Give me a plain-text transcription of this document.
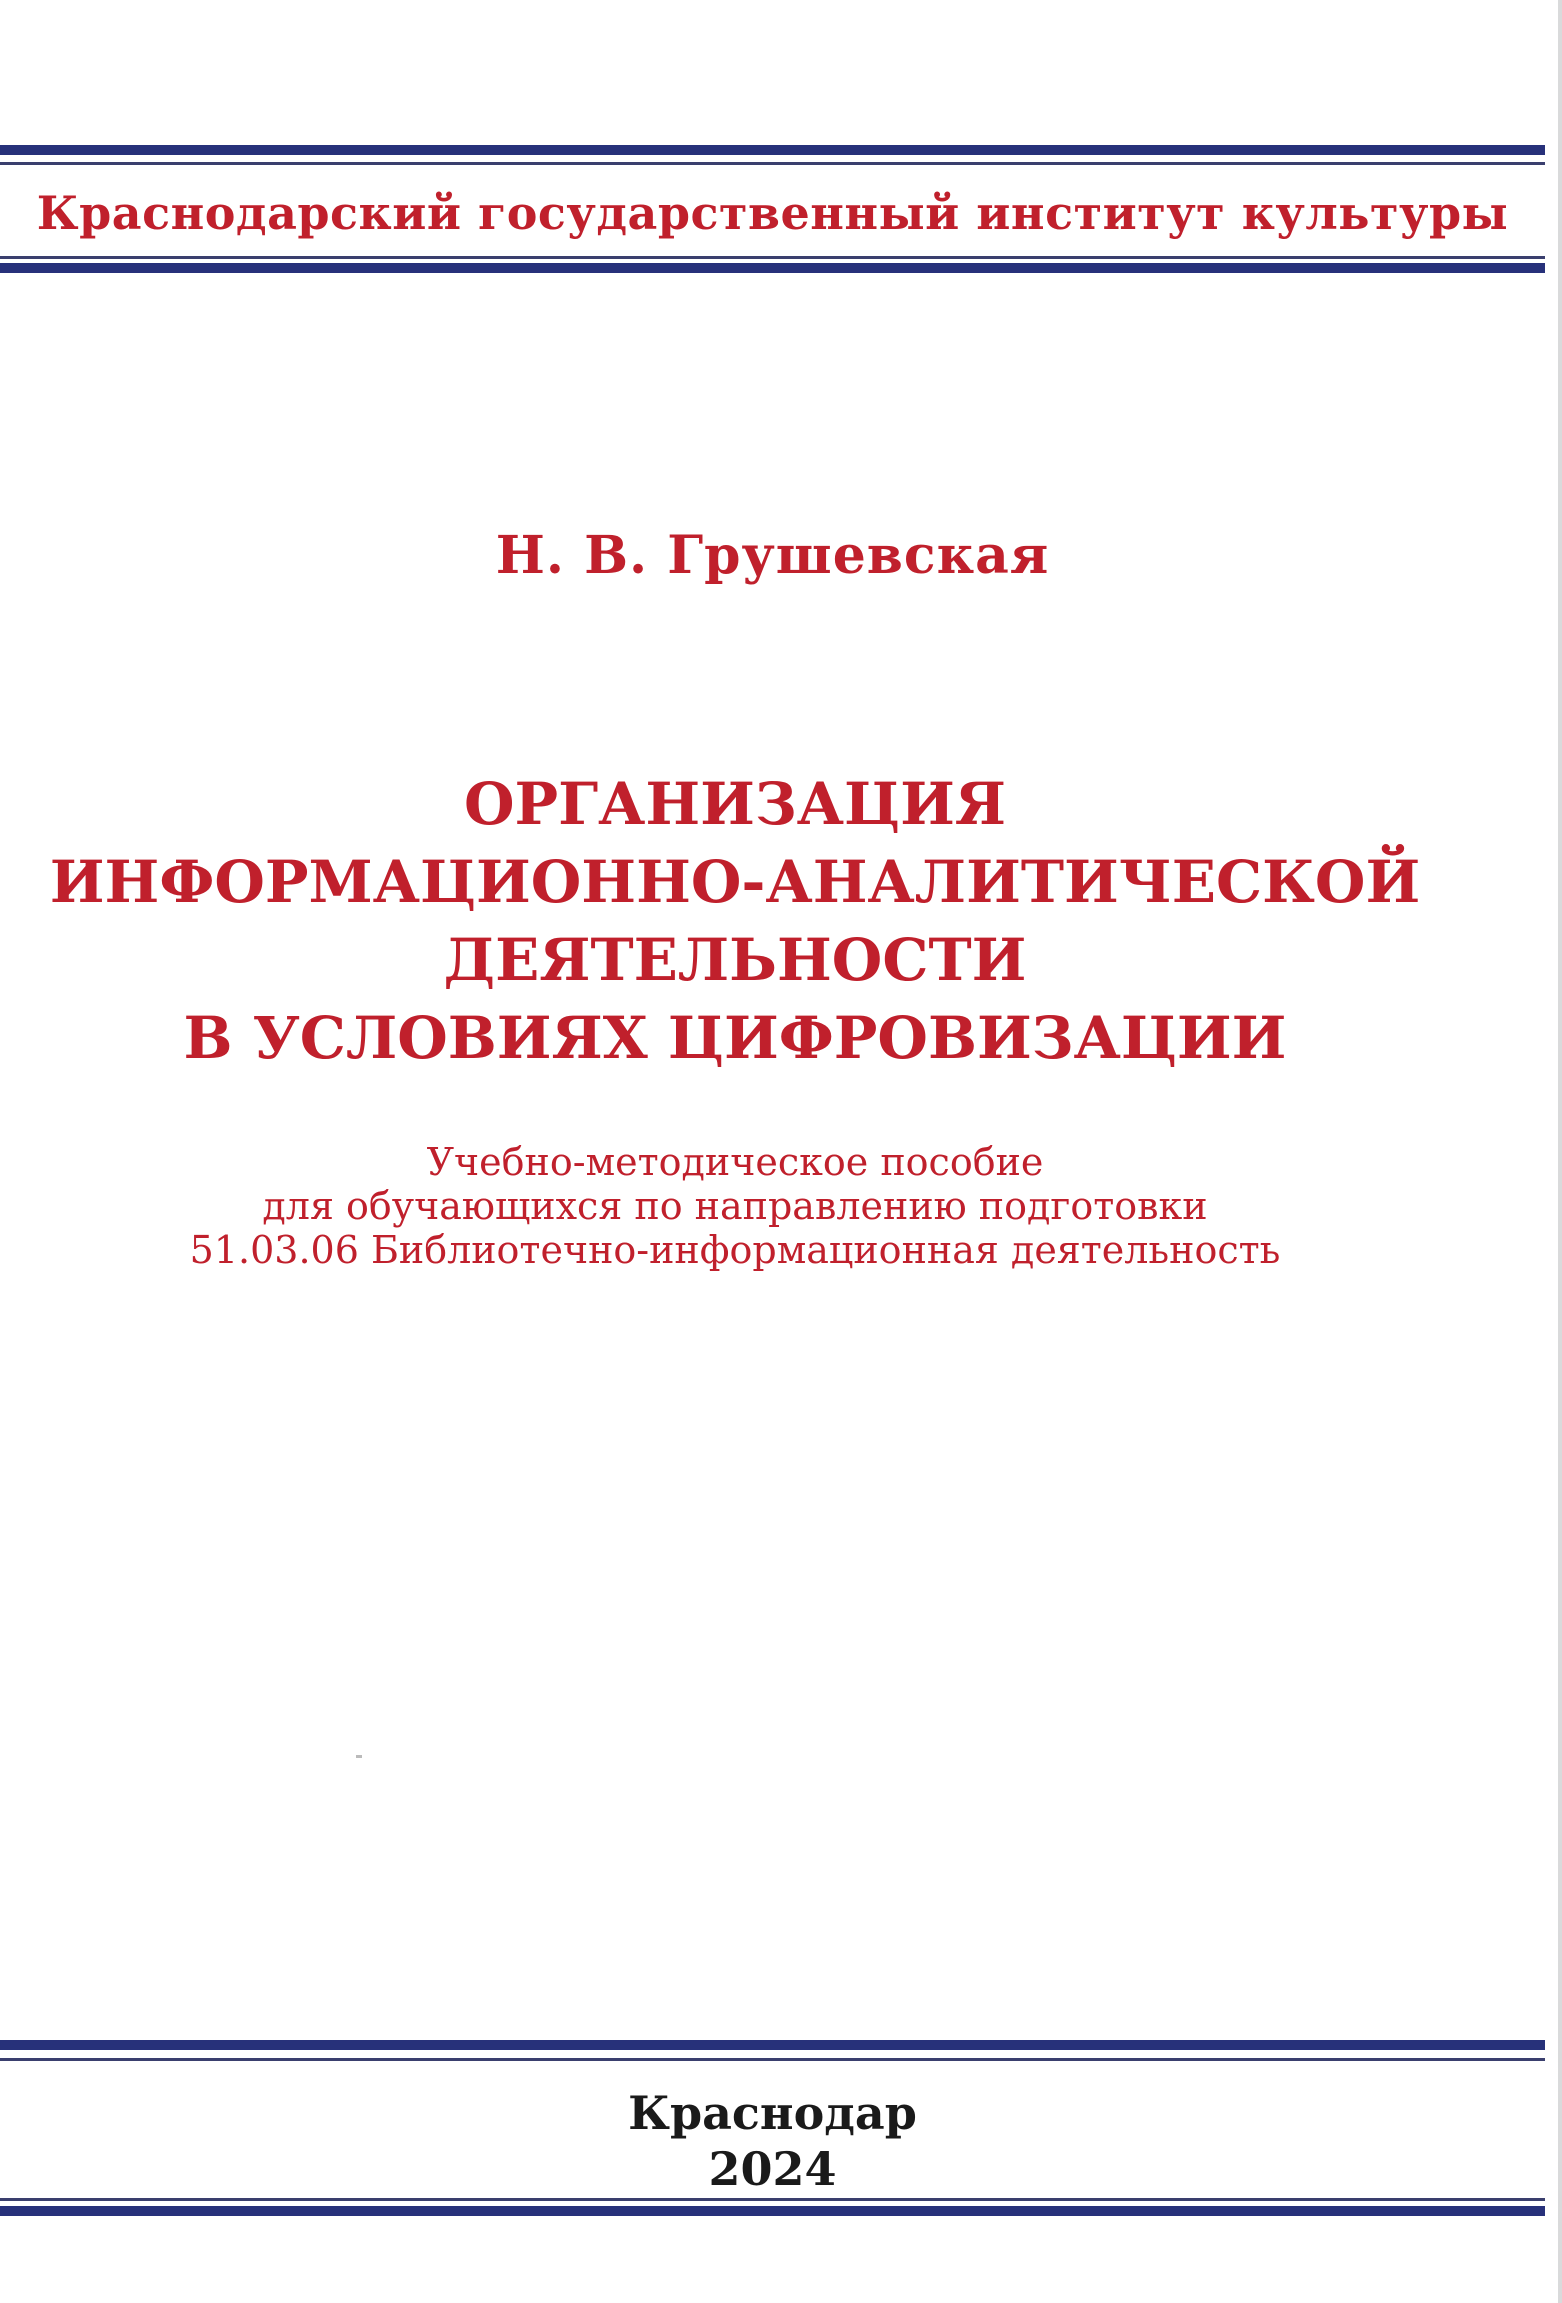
Краснодарский государственный институт культуры
Н. В. Грушевская
ОРГАНИЗАЦИЯ
ИНФОРМАЦИОННО-АНАЛИТИЧЕСКОЙ
ДЕЯТЕЛЬНОСТИ
В УСЛОВИЯХ ЦИФРОВИЗАЦИИ
Учебно-методическое пособие
для обучающихся по направлению подготовки
51.03.06 Библиотечно-информационная деятельность
Краснодар
2024
